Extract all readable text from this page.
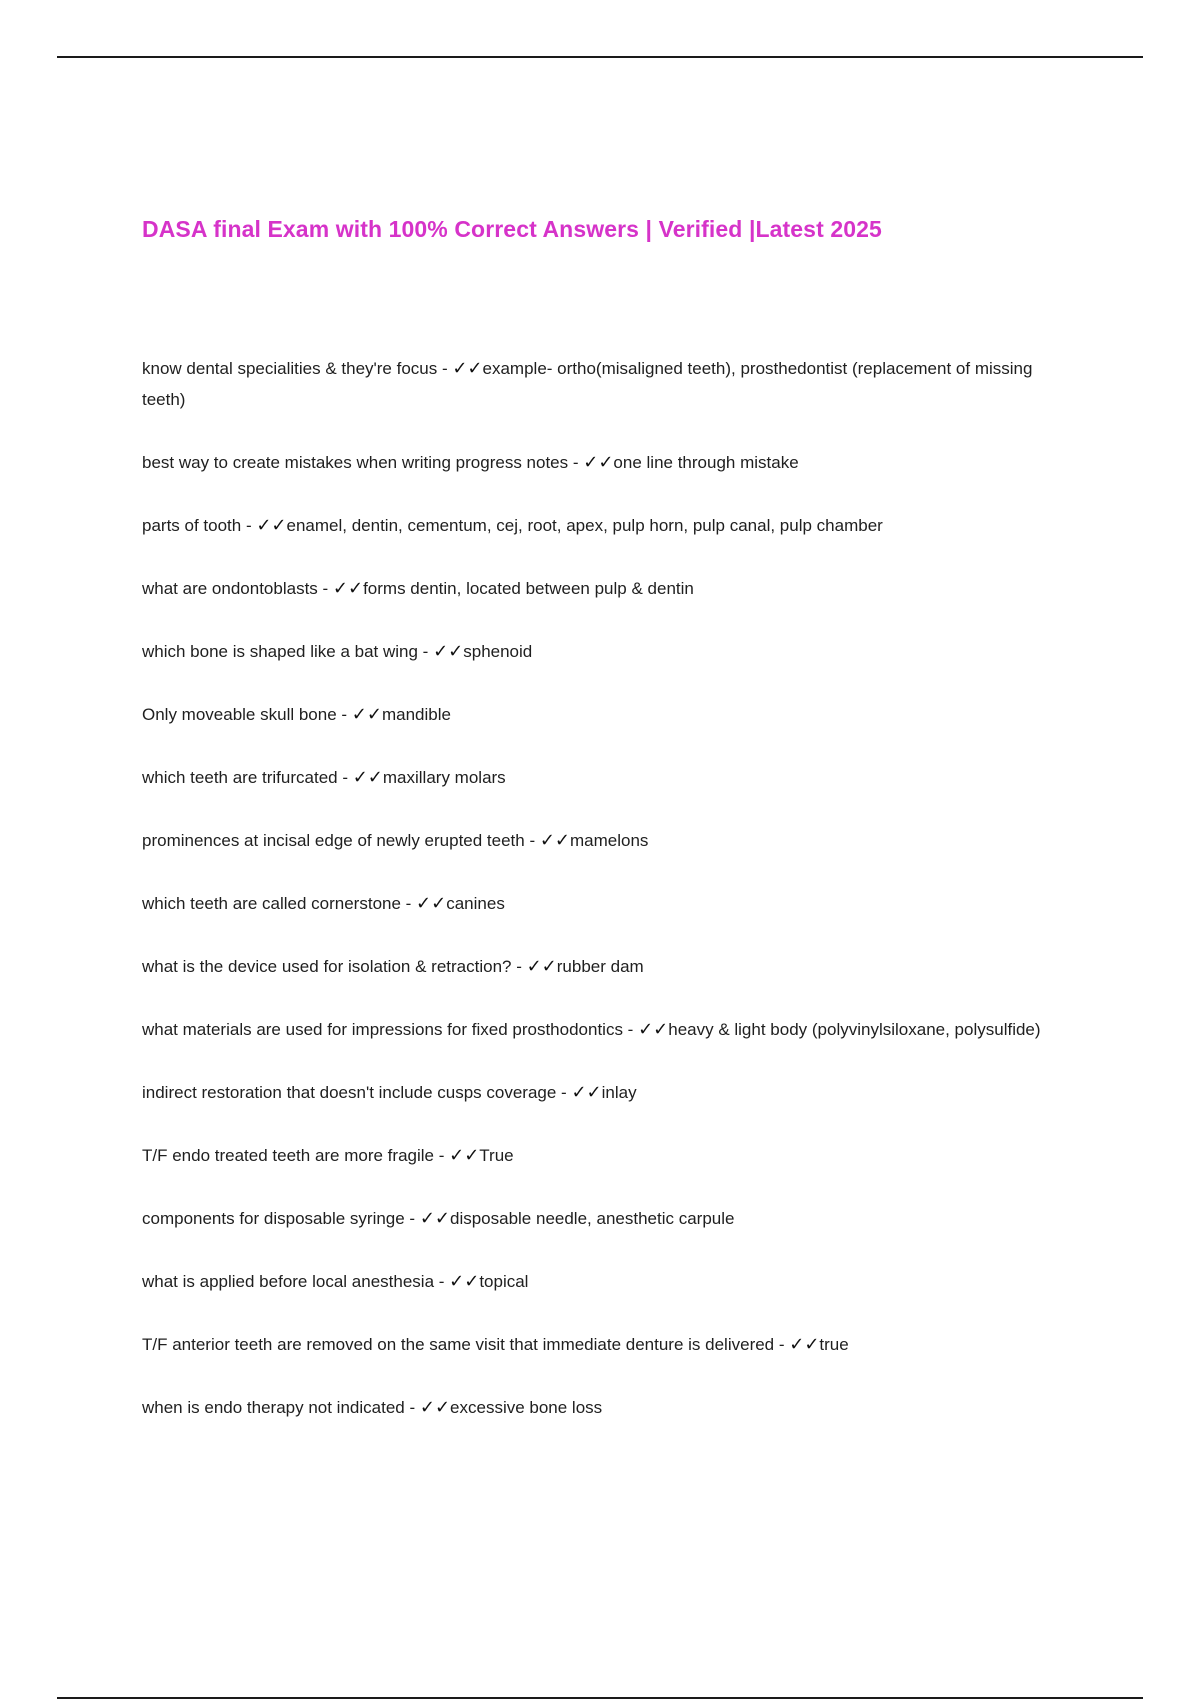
DASA final Exam with 100% Correct Answers | Verified |Latest 2025
know dental specialities & they're focus - ✓✓example- ortho(misaligned teeth), prosthedontist (replacement of missing teeth)
best way to create mistakes when writing progress notes - ✓✓one line through mistake
parts of tooth - ✓✓enamel, dentin, cementum, cej, root, apex, pulp horn, pulp canal, pulp chamber
what are ondontoblasts - ✓✓forms dentin, located between pulp & dentin
which bone is shaped like a bat wing - ✓✓sphenoid
Only moveable skull bone - ✓✓mandible
which teeth are trifurcated - ✓✓maxillary molars
prominences at incisal edge of newly erupted teeth - ✓✓mamelons
which teeth are called cornerstone - ✓✓canines
what is the device used for isolation & retraction? - ✓✓rubber dam
what materials are used for impressions for fixed prosthodontics - ✓✓heavy & light body (polyvinylsiloxane, polysulfide)
indirect restoration that doesn't include cusps coverage - ✓✓inlay
T/F endo treated teeth are more fragile - ✓✓True
components for disposable syringe - ✓✓disposable needle, anesthetic carpule
what is applied before local anesthesia - ✓✓topical
T/F anterior teeth are removed on the same visit that immediate denture is delivered - ✓✓true
when is endo therapy not indicated - ✓✓excessive bone loss
